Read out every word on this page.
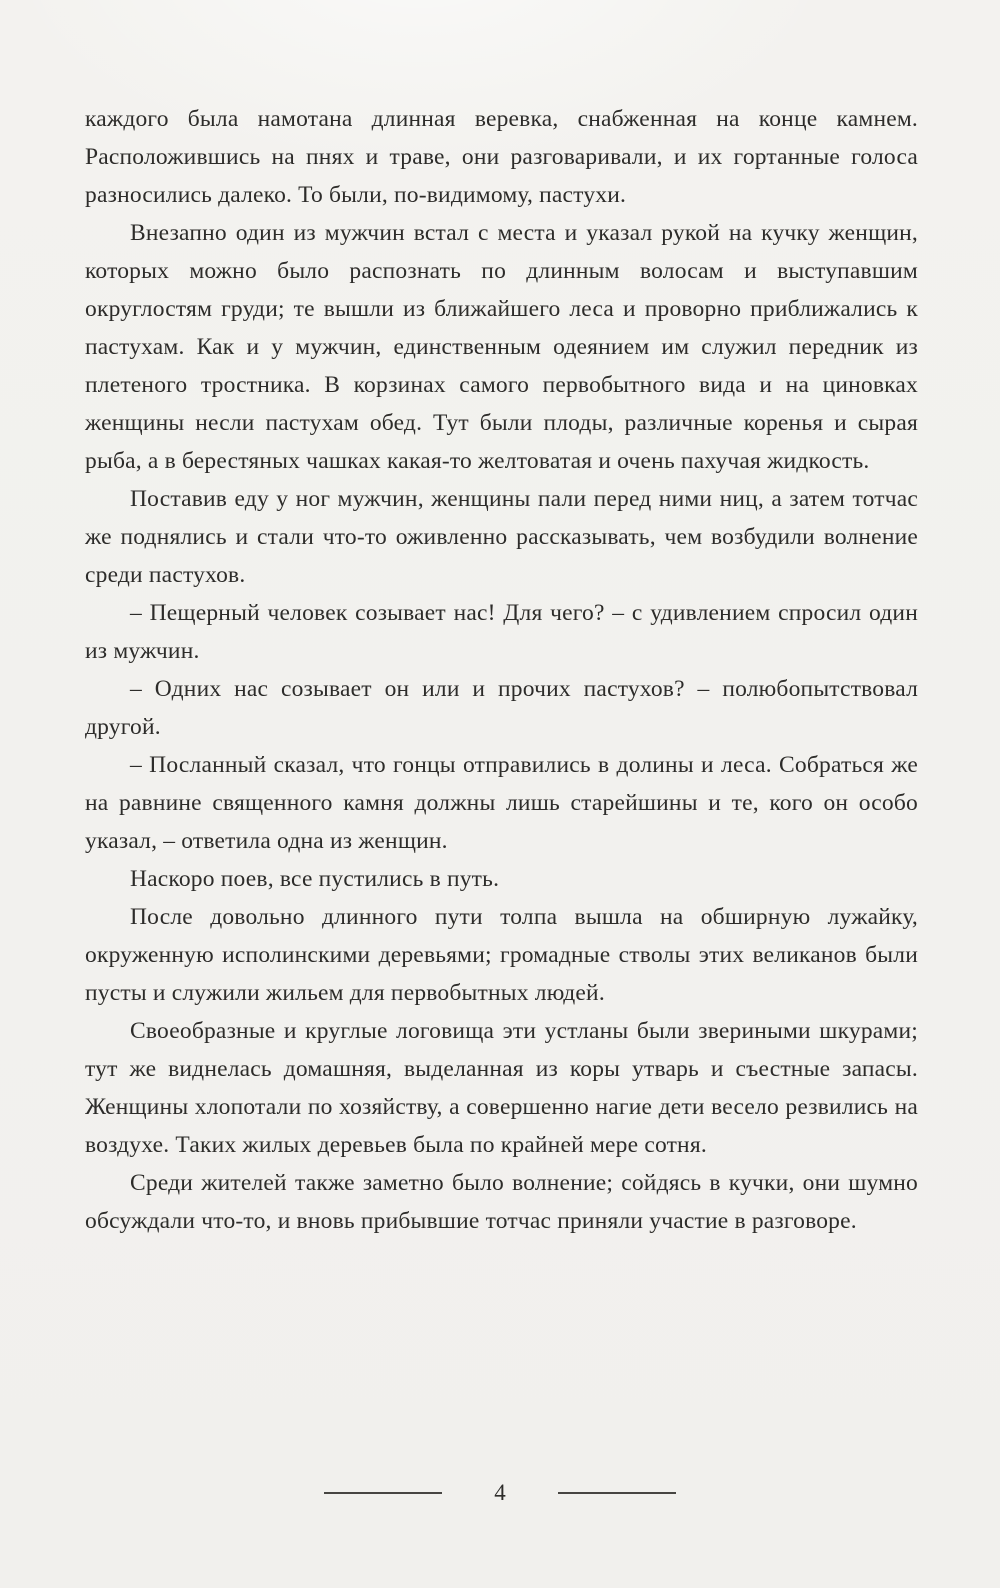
каждого была намотана длинная веревка, снабженная на конце камнем. Расположившись на пнях и траве, они разговаривали, и их гортанные голоса разносились далеко. То были, по-видимому, пастухи.

Внезапно один из мужчин встал с места и указал рукой на кучку женщин, которых можно было распознать по длинным волосам и выступавшим округлостям груди; те вышли из ближайшего леса и проворно приближались к пастухам. Как и у мужчин, единственным одеянием им служил передник из плетеного тростника. В корзинах самого первобытного вида и на циновках женщины несли пастухам обед. Тут были плоды, различные коренья и сырая рыба, а в берестяных чашках какая-то желтоватая и очень пахучая жидкость.

Поставив еду у ног мужчин, женщины пали перед ними ниц, а затем тотчас же поднялись и стали что-то оживленно рассказывать, чем возбудили волнение среди пастухов.

– Пещерный человек созывает нас! Для чего? – с удивлением спросил один из мужчин.

– Одних нас созывает он или и прочих пастухов? – полюбопытствовал другой.

– Посланный сказал, что гонцы отправились в долины и леса. Собраться же на равнине священного камня должны лишь старейшины и те, кого он особо указал, – ответила одна из женщин.

Наскоро поев, все пустились в путь.

После довольно длинного пути толпа вышла на обширную лужайку, окруженную исполинскими деревьями; громадные стволы этих великанов были пусты и служили жильем для первобытных людей.

Своеобразные и круглые логовища эти устланы были звериными шкурами; тут же виднелась домашняя, выделанная из коры утварь и съестные запасы. Женщины хлопотали по хозяйству, а совершенно нагие дети весело резвились на воздухе. Таких жилых деревьев была по крайней мере сотня.

Среди жителей также заметно было волнение; сойдясь в кучки, они шумно обсуждали что-то, и вновь прибывшие тотчас приняли участие в разговоре.

4
